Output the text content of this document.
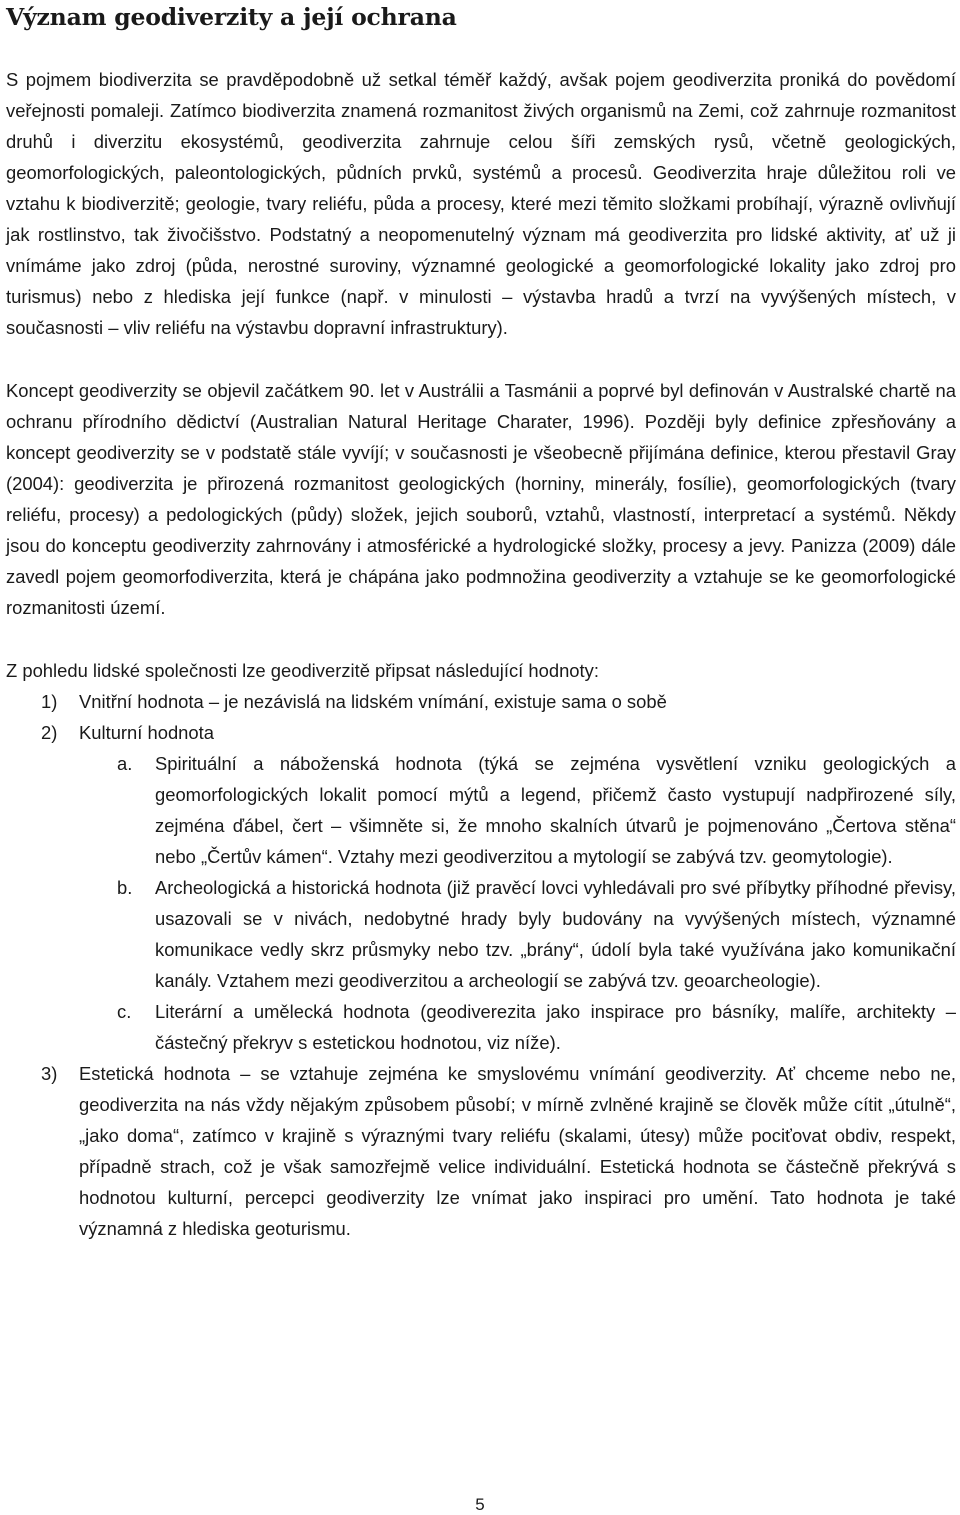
Význam geodiverzity a její ochrana

S pojmem biodiverzita se pravděpodobně už setkal téměř každý, avšak pojem geodiverzita proniká do povědomí veřejnosti pomaleji. Zatímco biodiverzita znamená rozmanitost živých organismů na Zemi, což zahrnuje rozmanitost druhů i diverzitu ekosystémů, geodiverzita zahrnuje celou šíři zemských rysů, včetně geologických, geomorfologických, paleontologických, půdních prvků, systémů a procesů. Geodiverzita hraje důležitou roli ve vztahu k biodiverzitě; geologie, tvary reliéfu, půda a procesy, které mezi těmito složkami probíhají, výrazně ovlivňují jak rostlinstvo, tak živočišstvo. Podstatný a neopomenutelný význam má geodiverzita pro lidské aktivity, ať už ji vnímáme jako zdroj (půda, nerostné suroviny, významné geologické a geomorfologické lokality jako zdroj pro turismus) nebo z hlediska její funkce (např. v minulosti – výstavba hradů a tvrzí na vyvýšených místech, v současnosti – vliv reliéfu na výstavbu dopravní infrastruktury).

Koncept geodiverzity se objevil začátkem 90. let v Austrálii a Tasmánii a poprvé byl definován v Australské chartě na ochranu přírodního dědictví (Australian Natural Heritage Charater, 1996). Později byly definice zpřesňovány a koncept geodiverzity se v podstatě stále vyvíjí; v současnosti je všeobecně přijímána definice, kterou přestavil Gray (2004): geodiverzita je přirozená rozmanitost geologických (horniny, minerály, fosílie), geomorfologických (tvary reliéfu, procesy) a pedologických (půdy) složek, jejich souborů, vztahů, vlastností, interpretací a systémů. Někdy jsou do konceptu geodiverzity zahrnovány i atmosférické a hydrologické složky, procesy a jevy. Panizza (2009) dále zavedl pojem geomorfodiverzita, která je chápána jako podmnožina geodiverzity a vztahuje se ke geomorfologické rozmanitosti území.

Z pohledu lidské společnosti lze geodiverzitě připsat následující hodnoty:

1) Vnitřní hodnota – je nezávislá na lidském vnímání, existuje sama o sobě
2) Kulturní hodnota
a. Spirituální a náboženská hodnota (týká se zejména vysvětlení vzniku geologických a geomorfologických lokalit pomocí mýtů a legend, přičemž často vystupují nadpřirozené síly, zejména ďábel, čert – všimněte si, že mnoho skalních útvarů je pojmenováno „Čertova stěna“ nebo „Čertův kámen“. Vztahy mezi geodiverzitou a mytologií se zabývá tzv. geomytologie).
b. Archeologická a historická hodnota (již pravěcí lovci vyhledávali pro své příbytky příhodné převisy, usazovali se v nivách, nedobytné hrady byly budovány na vyvýšených místech, významné komunikace vedly skrz průsmyky nebo tzv. „brány“, údolí byla také využívána jako komunikační kanály. Vztahem mezi geodiverzitou a archeologií se zabývá tzv. geoarcheologie).
c. Literární a umělecká hodnota (geodiverezita jako inspirace pro básníky, malíře, architekty – částečný překryv s estetickou hodnotou, viz níže).
3) Estetická hodnota – se vztahuje zejména ke smyslovému vnímání geodiverzity. Ať chceme nebo ne, geodiverzita na nás vždy nějakým způsobem působí; v mírně zvlněné krajině se člověk může cítit „útulně“, „jako doma“, zatímco v krajině s výraznými tvary reliéfu (skalami, útesy) může pociťovat obdiv, respekt, případně strach, což je však samozřejmě velice individuální. Estetická hodnota se částečně překrývá s hodnotou kulturní, percepci geodiverzity lze vnímat jako inspiraci pro umění. Tato hodnota je také významná z hlediska geoturismu.
5
